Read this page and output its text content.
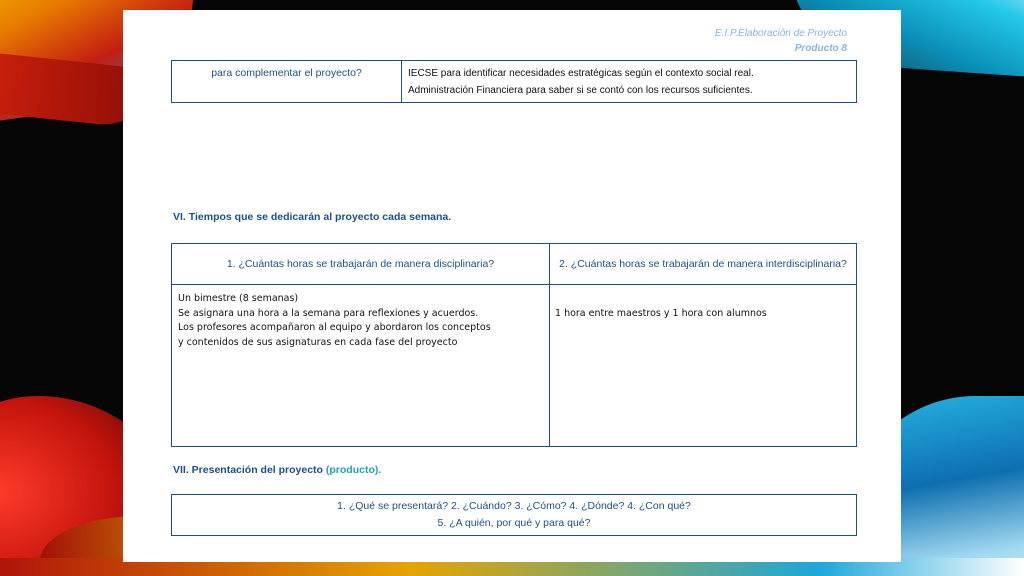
E.I.P.Elaboración de Proyecto
Producto 8
para complementar el proyecto?	IECSE para identificar necesidades estratégicas según el contexto social real.
Administración Financiera para saber si se contó con los recursos suficientes.
VI. Tiempos que se dedicarán al proyecto cada semana.
1. ¿Cuántas horas se trabajarán de manera disciplinaria?	2. ¿Cuántas horas se trabajarán de manera interdisciplinaria?

Un bimestre (8 semanas)
Se asignara una hora a la semana para reflexiones y acuerdos.
Los profesores acompañaron al equipo y abordaron los conceptos
y contenidos de sus asignaturas en cada fase del proyecto	1 hora entre maestros y 1 hora con alumnos
VII. Presentación del proyecto (producto).
1. ¿Qué se presentará? 2. ¿Cuándo? 3. ¿Cómo? 4. ¿Dónde? 4. ¿Con qué?
5. ¿A quién, por qué y para qué?
